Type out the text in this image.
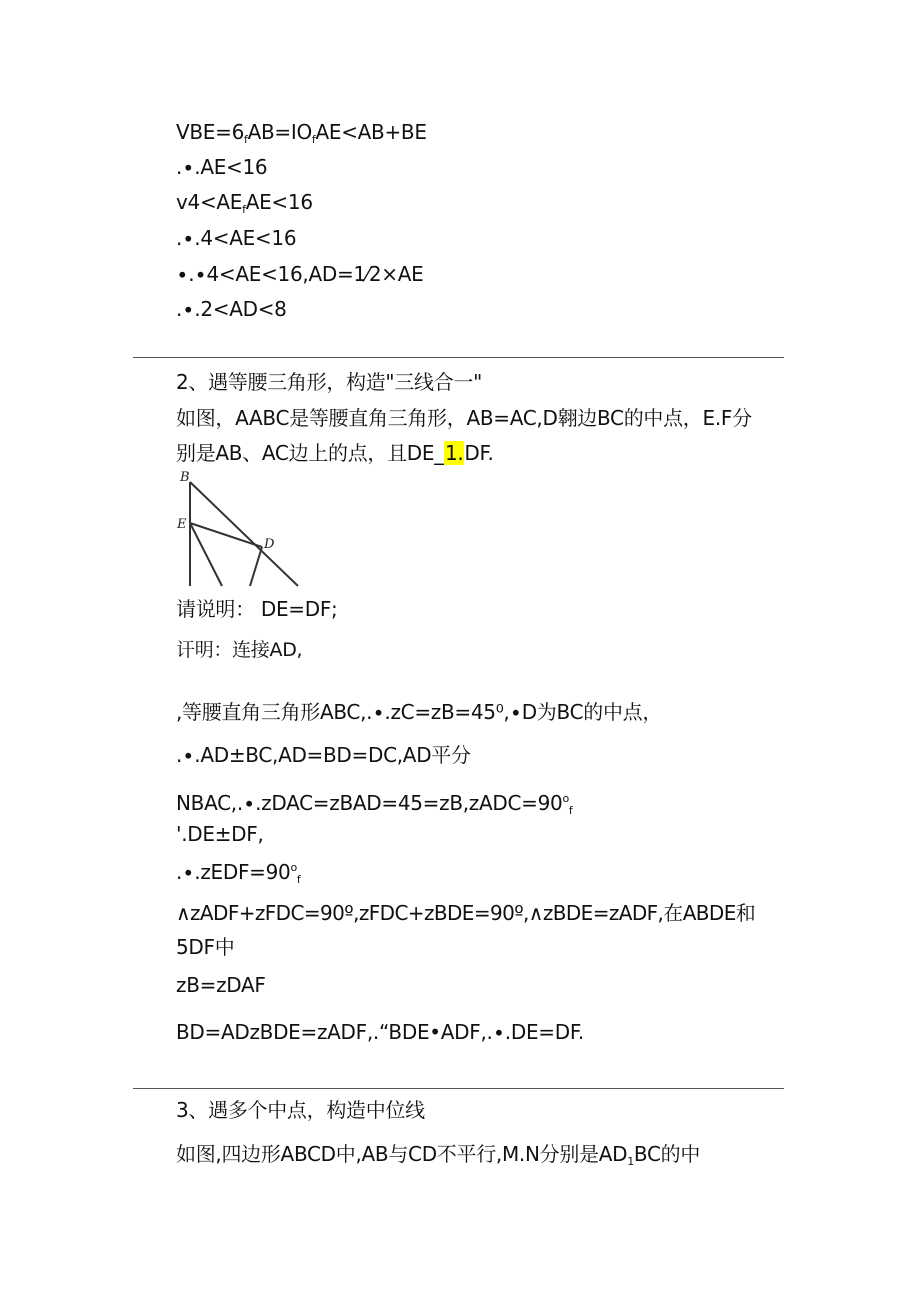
$VBE=6_fAB=IO_fAE<AB+BE$
.∙.AE<16
$v4<AE_fAE<16$
.∙.4<AE<16
∙.∙4<AE<16,AD=1⁄2×AE
.∙.2<AD<8
2、遇等腰三角形，构造"三线合一"
如图，AABC是等腰直角三角形，AB=AC,D翱边BC的中点，E.F分
别是AB、AC边上的点，且DE_1.DF.
B
E
D
请说明： DE=DF;
讦明：连接AD,
,等腰直角三角形ABC,.∙.zC=zB=45⁰,∙D为BC的中点，
.∙.AD±BC,AD=BD=DC,AD平分
$NBAC,.\cdot.zDAC=zBAD=45=zB,zADC=90^o_f$
'.DE±DF,
$.\cdot.zEDF=90^o_f$
∧zADF+zFDC=90º,zFDC+zBDE=90º,∧zBDE=zADF,在ABDE和
5DF中
zB=zDAF
BD=ADzBDE=zADF,.“BDE•ADF,.∙.DE=DF.
3、遇多个中点，构造中位线
如图,四边形ABCD中,AB与CD不平行,M.N分别是$AD_1BC$的中
